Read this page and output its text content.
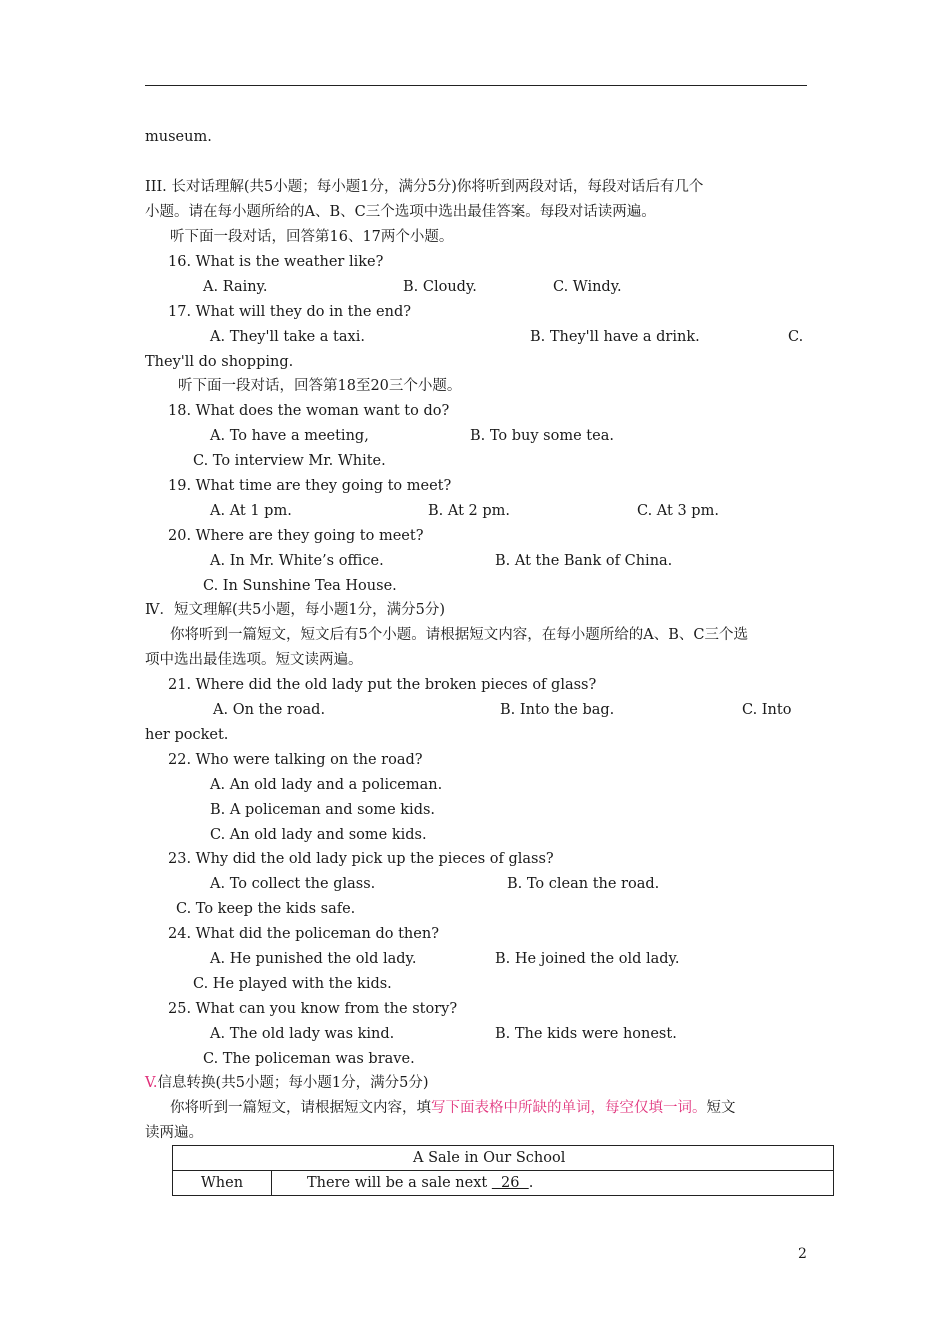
museum.
III. 长对话理解(共5小题；每小题1分，满分5分)你将听到两段对话，每段对话后有几个
小题。请在每小题所给的A、B、C三个选项中选出最佳答案。每段对话读两遍。
听下面一段对话，回答第16、17两个小题。
16. What is the weather like?
A. Rainy.	B. Cloudy.	C. Windy.
17. What will they do in the end?
A. They'll take a taxi.	B. They'll have a drink.	C.
They'll do shopping.
听下面一段对话，回答第18至20三个小题。
18. What does the woman want to do?
A. To have a meeting,	B. To buy some tea.
C. To interview Mr. White.
19. What time are they going to meet?
A. At 1 pm.	B. At 2 pm.	C. At 3 pm.
20. Where are they going to meet?
A. In Mr. White’s office.	B. At the Bank of China.
C. In Sunshine Tea House.
Ⅳ．短文理解(共5小题，每小题1分，满分5分)
你将听到一篇短文，短文后有5个小题。请根据短文内容，在每小题所给的A、B、C三个选
项中选出最佳选项。短文读两遍。
21. Where did the old lady put the broken pieces of glass?
A. On the road.	B. Into the bag.	C. Into
her pocket.
22. Who were talking on the road?
A. An old lady and a policeman.
B. A policeman and some kids.
C. An old lady and some kids.
23. Why did the old lady pick up the pieces of glass?
A. To collect the glass.	B. To clean the road.
C. To keep the kids safe.
24. What did the policeman do then?
A. He punished the old lady.	B. He joined the old lady.
C. He played with the kids.
25. What can you know from the story?
A. The old lady was kind.	B. The kids were honest.
C. The policeman was brave.
V.信息转换(共5小题；每小题1分，满分5分)
你将听到一篇短文，请根据短文内容，填写下面表格中所缺的单词，每空仅填一词。短文
读两遍。
A Sale in Our School
When	There will be a sale next   26  .
2
